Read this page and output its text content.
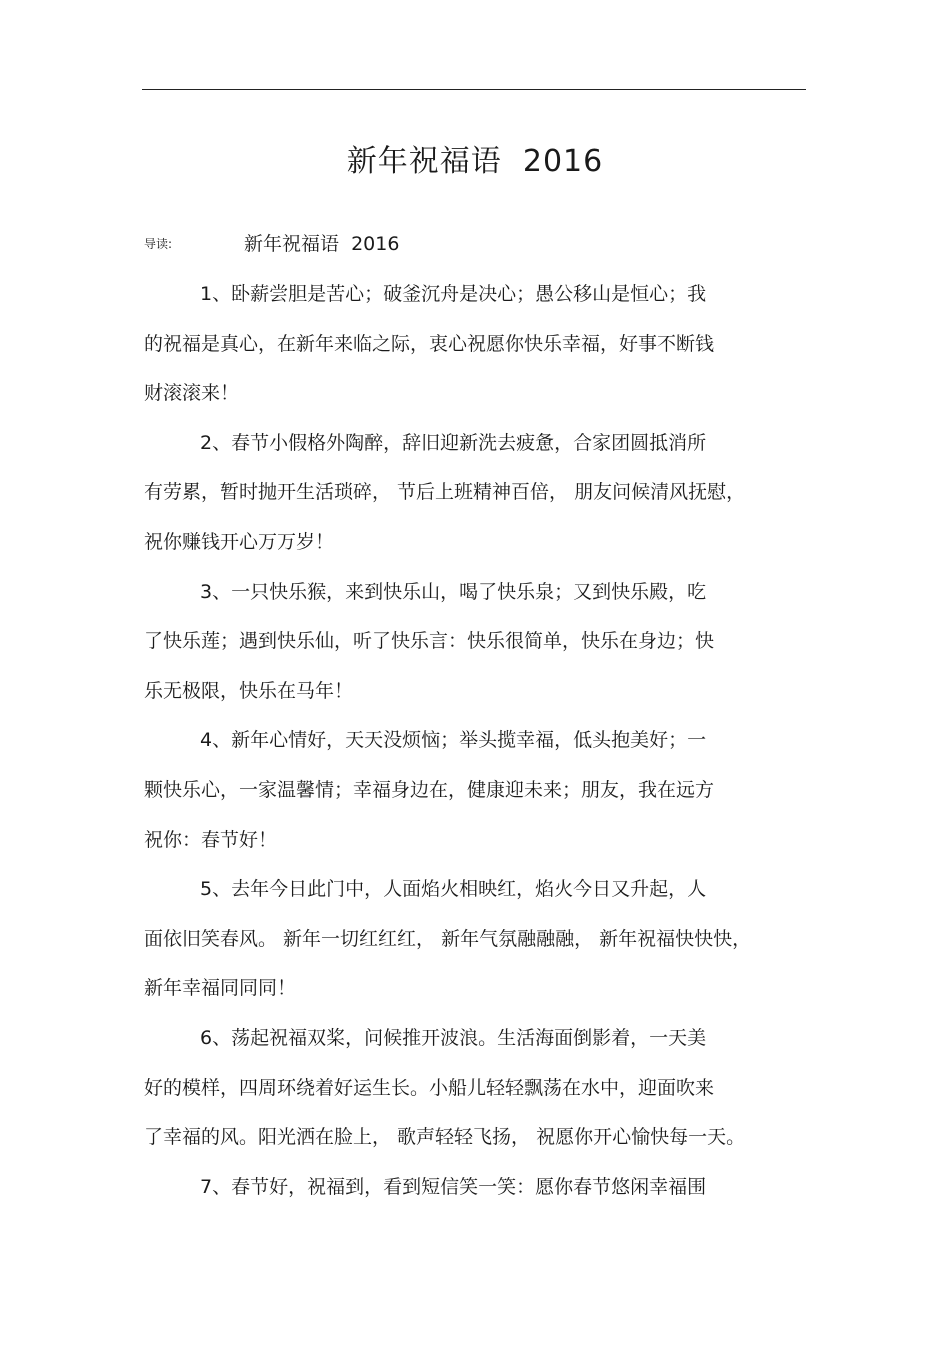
新年祝福语  2016
导读:	新年祝福语  2016
1、卧薪尝胆是苦心；破釜沉舟是决心；愚公移山是恒心；我
的祝福是真心，在新年来临之际，衷心祝愿你快乐幸福，好事不断钱
财滚滚来！
2、春节小假格外陶醉，辞旧迎新洗去疲惫，合家团圆抵消所
有劳累，暂时抛开生活琐碎， 节后上班精神百倍， 朋友问候清风抚慰，
祝你赚钱开心万万岁！
3、一只快乐猴，来到快乐山，喝了快乐泉；又到快乐殿，吃
了快乐莲；遇到快乐仙，听了快乐言：快乐很简单，快乐在身边；快
乐无极限，快乐在马年！
4、新年心情好，天天没烦恼；举头揽幸福，低头抱美好；一
颗快乐心，一家温馨情；幸福身边在，健康迎未来；朋友，我在远方
祝你：春节好！
5、去年今日此门中，人面焰火相映红，焰火今日又升起，人
面依旧笑春风。 新年一切红红红， 新年气氛融融融， 新年祝福快快快，
新年幸福同同同！
6、荡起祝福双桨，问候推开波浪。生活海面倒影着，一天美
好的模样，四周环绕着好运生长。小船儿轻轻飘荡在水中，迎面吹来
了幸福的风。阳光洒在脸上， 歌声轻轻飞扬， 祝愿你开心愉快每一天。
7、春节好，祝福到，看到短信笑一笑：愿你春节悠闲幸福围
